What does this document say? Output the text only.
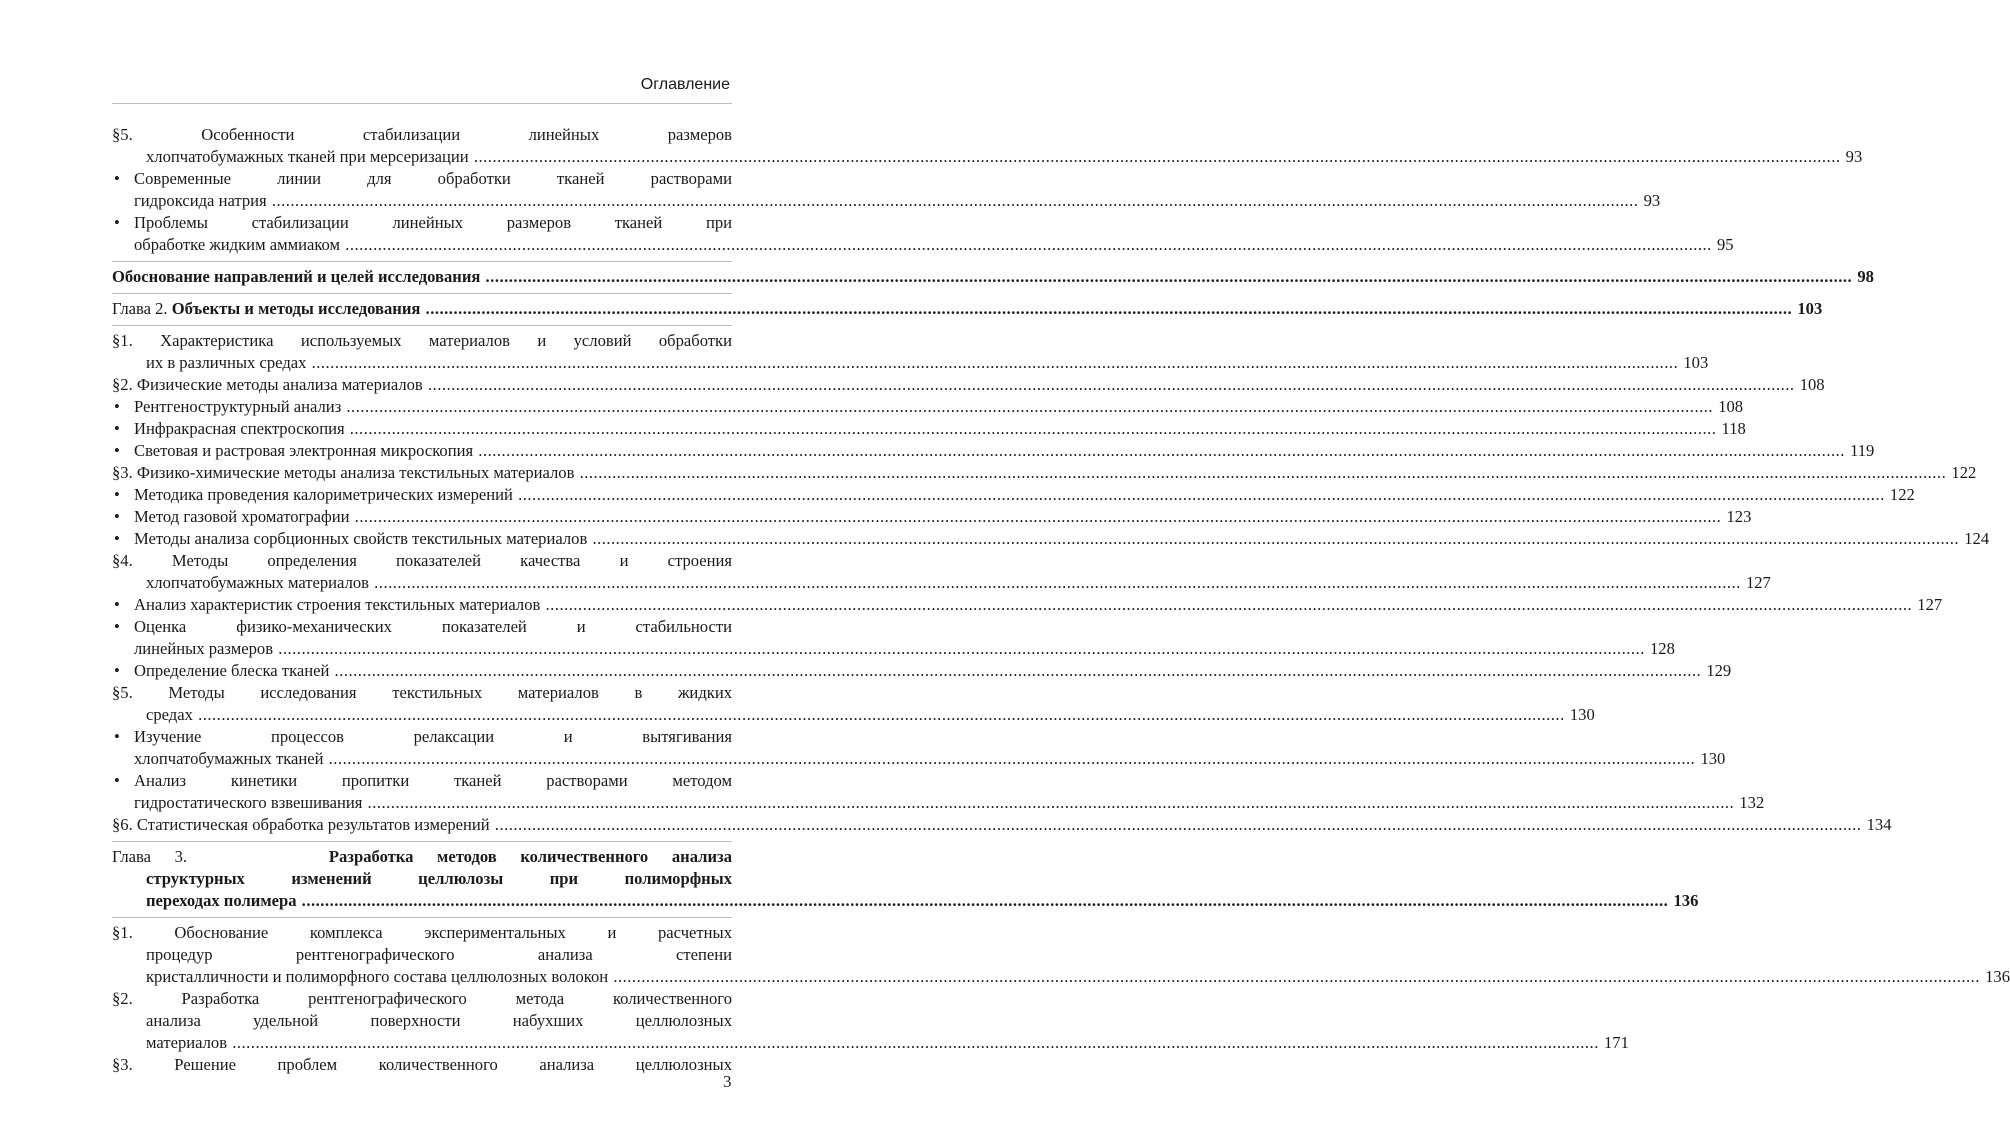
Оглавление
§5. Особенности стабилизации линейных размеров
хлопчатобумажных тканей при мерсеризации .....	93
• Современные линии для обработки тканей растворами
гидроксида натрия .....	93
• Проблемы стабилизации линейных размеров тканей при
обработке жидким аммиаком .....	95
Обоснование направлений и целей исследования .....	98
Глава 2. Объекты и методы исследования .....	103
§1. Характеристика используемых материалов и условий обработки
их в различных средах .....	103
§2. Физические методы анализа материалов .....	108
• Рентгеноструктурный анализ .....	108
• Инфракрасная спектроскопия .....	118
• Световая и растровая электронная микроскопия .....	119
§3. Физико-химические методы анализа текстильных материалов .....	122
• Методика проведения калориметрических измерений .....	122
• Метод газовой хроматографии .....	123
• Методы анализа сорбционных свойств текстильных материалов .....	124
§4. Методы определения показателей качества и строения
хлопчатобумажных материалов .....	127
• Анализ характеристик строения текстильных материалов .....	127
• Оценка физико-механических показателей и стабильности
линейных размеров .....	128
• Определение блеска тканей .....	129
§5. Методы исследования текстильных материалов в жидких
средах .....	130
• Изучение процессов релаксации и вытягивания
хлопчатобумажных тканей .....	130
• Анализ кинетики пропитки тканей растворами методом
гидростатического взвешивания .....	132
§6. Статистическая обработка результатов измерений .....	134
Глава 3.	Разработка методов количественного анализа
структурных изменений целлюлозы при полиморфных
переходах полимера .....	136
§1. Обоснование комплекса экспериментальных и расчетных
процедур рентгенографического анализа степени
кристалличности и полиморфного состава целлюлозных волокон .....	136
§2. Разработка рентгенографического метода количественного
анализа удельной поверхности набухших целлюлозных
материалов .....	171
§3. Решение проблем количественного анализа целлюлозных
3
